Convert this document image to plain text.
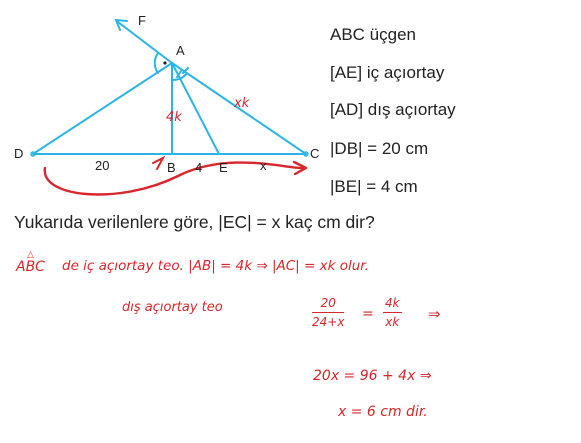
F
A
D
B	E
C
20	4	x
4k
xk
ABC üçgen
[AE] iç açıortay
[AD] dış açıortay
|DB| = 20 cm
|BE| = 4 cm
Yukarıda verilenlere göre, |EC| = x kaç cm dir?
△
ABC de iç açıortay teo. |AB| = 4k ⇒ |AC| = xk olur.
dış açıortay teo	$\frac{20}{24+x} = \frac{4k}{xk}$ ⇒
20x = 96 + 4x ⇒
x = 6 cm dir.
